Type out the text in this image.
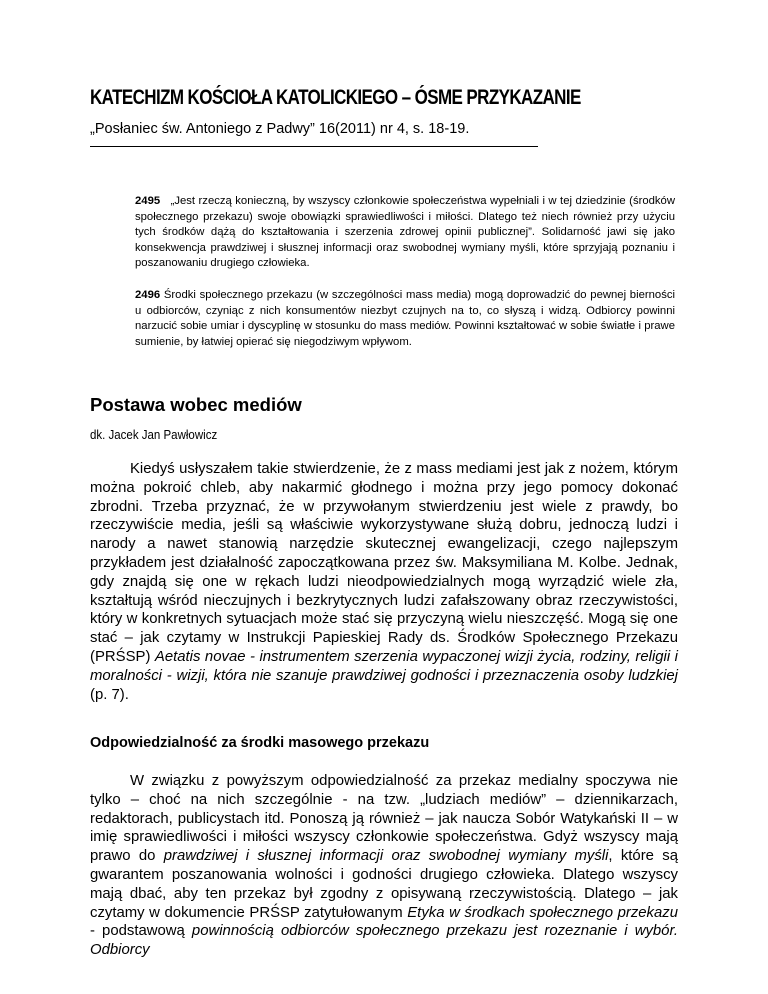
KATECHIZM KOŚCIOŁA KATOLICKIEGO – ÓSME PRZYKAZANIE
„Posłaniec św. Antoniego z Padwy” 16(2011) nr 4, s. 18-19.

2495 „Jest rzeczą konieczną, by wszyscy członkowie społeczeństwa wypełniali i w tej dziedzinie (środków społecznego przekazu) swoje obowiązki sprawiedliwości i miłości. Dlatego też niech również przy użyciu tych środków dążą do kształtowania i szerzenia zdrowej opinii publicznej”. Solidarność jawi się jako konsekwencja prawdziwej i słusznej informacji oraz swobodnej wymiany myśli, które sprzyjają poznaniu i poszanowaniu drugiego człowieka.

2496 Środki społecznego przekazu (w szczególności mass media) mogą doprowadzić do pewnej bierności u odbiorców, czyniąc z nich konsumentów niezbyt czujnych na to, co słyszą i widzą. Odbiorcy powinni narzucić sobie umiar i dyscyplinę w stosunku do mass mediów. Powinni kształtować w sobie światłe i prawe sumienie, by łatwiej opierać się niegodziwym wpływom.

Postawa wobec mediów
dk. Jacek Jan Pawłowicz

Kiedyś usłyszałem takie stwierdzenie, że z mass mediami jest jak z nożem, którym można pokroić chleb, aby nakarmić głodnego i można przy jego pomocy dokonać zbrodni. Trzeba przyznać, że w przywołanym stwierdzeniu jest wiele z prawdy, bo rzeczywiście media, jeśli są właściwie wykorzystywane służą dobru, jednoczą ludzi i narody a nawet stanowią narzędzie skutecznej ewangelizacji, czego najlepszym przykładem jest działalność zapoczątkowana przez św. Maksymiliana M. Kolbe. Jednak, gdy znajdą się one w rękach ludzi nieodpowiedzialnych mogą wyrządzić wiele zła, kształtują wśród nieczujnych i bezkrytycznych ludzi zafałszowany obraz rzeczywistości, który w konkretnych sytuacjach może stać się przyczyną wielu nieszczęść. Mogą się one stać – jak czytamy w Instrukcji Papieskiej Rady ds. Środków Społecznego Przekazu (PRŚSP) Aetatis novae - instrumentem szerzenia wypaczonej wizji życia, rodziny, religii i moralności - wizji, która nie szanuje prawdziwej godności i przeznaczenia osoby ludzkiej (p. 7).

Odpowiedzialność za środki masowego przekazu

W związku z powyższym odpowiedzialność za przekaz medialny spoczywa nie tylko – choć na nich szczególnie - na tzw. „ludziach mediów” – dziennikarzach, redaktorach, publicystach itd. Ponoszą ją również – jak naucza Sobór Watykański II – w imię sprawiedliwości i miłości wszyscy członkowie społeczeństwa. Gdyż wszyscy mają prawo do prawdziwej i słusznej informacji oraz swobodnej wymiany myśli, które są gwarantem poszanowania wolności i godności drugiego człowieka. Dlatego wszyscy mają dbać, aby ten przekaz był zgodny z opisywaną rzeczywistością. Dlatego – jak czytamy w dokumencie PRŚSP zatytułowanym Etyka w środkach społecznego przekazu - podstawową powinnością odbiorców społecznego przekazu jest rozeznanie i wybór. Odbiorcy
